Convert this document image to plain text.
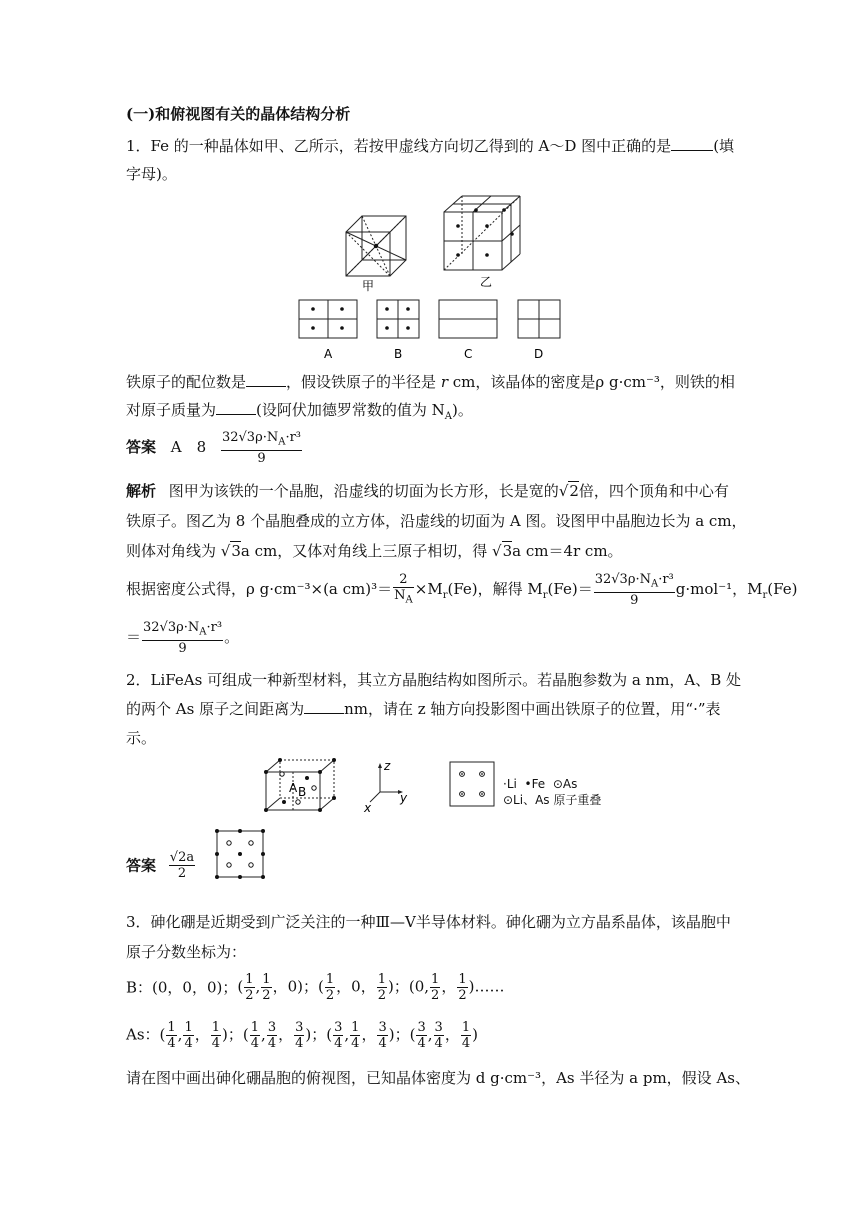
(一)和俯视图有关的晶体结构分析
1．Fe 的一种晶体如甲、乙所示，若按甲虚线方向切乙得到的 A～D 图中正确的是	(填
字母)。
甲	乙
A	B	C	D
铁原子的配位数是	，假设铁原子的半径是 r cm，该晶体的密度是ρ g·cm⁻³，则铁的相
对原子质量为	(设阿伏加德罗常数的值为 $N_A$)。
答案 A　$8 \frac{32√3\rho\cdot N_A\cdot r^3}{9}$
解析 图甲为该铁的一个晶胞，沿虚线的切面为长方形，长是宽的√2倍，四个顶角和中心有
铁原子。图乙为 8 个晶胞叠成的立方体，沿虚线的切面为 A 图。设图甲中晶胞边长为 a cm，
则体对角线为 √3a cm，又体对角线上三原子相切，得 √3a cm＝4r cm。
根据密度公式得，ρ g·cm⁻³×(a $cm)^3= \frac{2}{N_A} \times M_r(Fe)$，解得 $M_r(Fe)= \frac{32√3\rho\cdot N_A\cdot r^3}{9} g\cdot mol^{-1}$，$M_r(Fe)$
＝ $\frac{32√3\rho\cdot N_A\cdot r^3}{9}$ 。
2．LiFeAs 可组成一种新型材料，其立方晶胞结构如图所示。若晶胞参数为 a nm，A、B 处
的两个 As 原子之间距离为	nm，请在 z 轴方向投影图中画出铁原子的位置，用“·”表
示。
A B
z
y
x
·Li •Fe ⊙As
⊙Li、As 原子重叠
答案 $\frac{√2a}{2}$
3．砷化硼是近期受到广泛关注的一种Ⅲ—Ⅴ半导体材料。砷化硼为立方晶系晶体，该晶胞中
原子分数坐标为：
B：(0，0，0)；( $\frac{1}{2}$ , $\frac{1}{2}$ ，0)；( $\frac{1}{2}$ ，0， $\frac{1}{2}$ )；(0, $\frac{1}{2}$ ， $\frac{1}{2}$ )……
As：( $\frac{1}{4}$ , $\frac{1}{4}$ ， $\frac{1}{4}$ )；( $\frac{1}{4}$ , $\frac{3}{4}$ ， $\frac{3}{4}$ )；( $\frac{3}{4}$ , $\frac{1}{4}$ ， $\frac{3}{4}$ )；( $\frac{3}{4}$ , $\frac{3}{4}$ ， $\frac{1}{4}$ )
请在图中画出砷化硼晶胞的俯视图，已知晶体密度为 d g·cm⁻³，As 半径为 a pm，假设 As、
